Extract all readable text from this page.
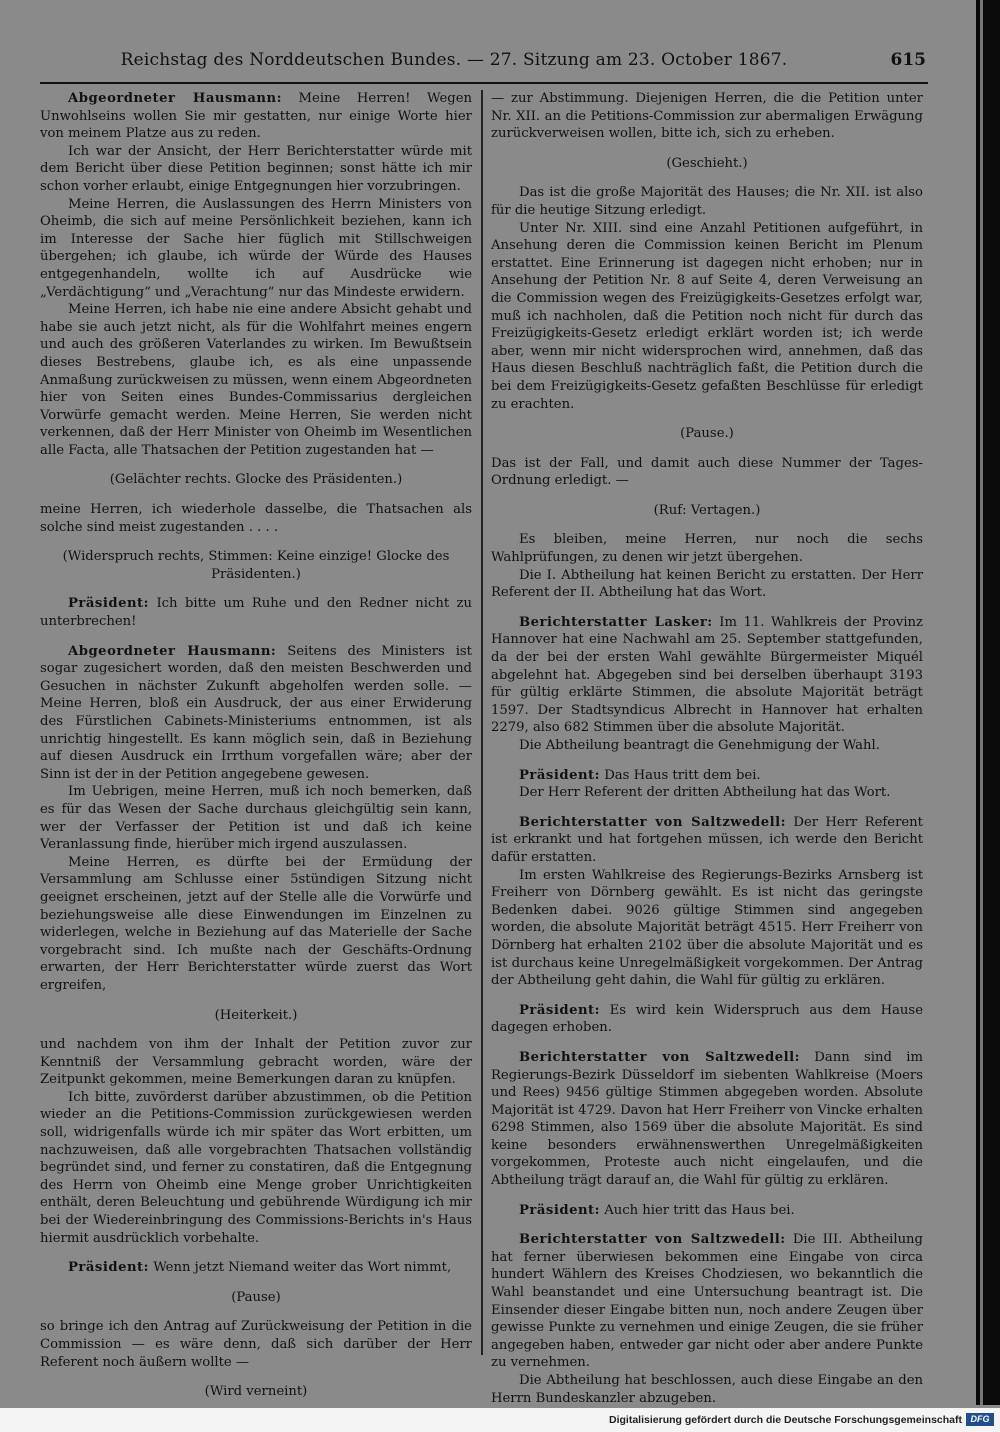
Reichstag des Norddeutschen Bundes. — 27. Sitzung am 23. October 1867.	615

Abgeordneter Hausmann: Meine Herren! Wegen Unwohlseins wollen Sie mir gestatten, nur einige Worte hier von meinem Platze aus zu reden.

Ich war der Ansicht, der Herr Berichterstatter würde mit dem Bericht über diese Petition beginnen; sonst hätte ich mir schon vorher erlaubt, einige Entgegnungen hier vorzubringen.

Meine Herren, die Auslassungen des Herrn Ministers von Oheimb, die sich auf meine Persönlichkeit beziehen, kann ich im Interesse der Sache hier füglich mit Stillschweigen übergehen; ich glaube, ich würde der Würde des Hauses entgegenhandeln, wollte ich auf Ausdrücke wie „Verdächtigung“ und „Verachtung“ nur das Mindeste erwidern.

Meine Herren, ich habe nie eine andere Absicht gehabt und habe sie auch jetzt nicht, als für die Wohlfahrt meines engern und auch des größeren Vaterlandes zu wirken. Im Bewußtsein dieses Bestrebens, glaube ich, es als eine unpassende Anmaßung zurückweisen zu müssen, wenn einem Abgeordneten hier von Seiten eines Bundes-Commissarius dergleichen Vorwürfe gemacht werden. Meine Herren, Sie werden nicht verkennen, daß der Herr Minister von Oheimb im Wesentlichen alle Facta, alle Thatsachen der Petition zugestanden hat —

(Gelächter rechts. Glocke des Präsidenten.)

meine Herren, ich wiederhole dasselbe, die Thatsachen als solche sind meist zugestanden . . . .

(Widerspruch rechts, Stimmen: Keine einzige! Glocke des Präsidenten.)

Präsident: Ich bitte um Ruhe und den Redner nicht zu unterbrechen!

Abgeordneter Hausmann: Seitens des Ministers ist sogar zugesichert worden, daß den meisten Beschwerden und Gesuchen in nächster Zukunft abgeholfen werden solle. — Meine Herren, bloß ein Ausdruck, der aus einer Erwiderung des Fürstlichen Cabinets-Ministeriums entnommen, ist als unrichtig hingestellt. Es kann möglich sein, daß in Beziehung auf diesen Ausdruck ein Irrthum vorgefallen wäre; aber der Sinn ist der in der Petition angegebene gewesen.

Im Uebrigen, meine Herren, muß ich noch bemerken, daß es für das Wesen der Sache durchaus gleichgültig sein kann, wer der Verfasser der Petition ist und daß ich keine Veranlassung finde, hierüber mich irgend auszulassen.

Meine Herren, es dürfte bei der Ermüdung der Versammlung am Schlusse einer 5stündigen Sitzung nicht geeignet erscheinen, jetzt auf der Stelle alle die Vorwürfe und beziehungsweise alle diese Einwendungen im Einzelnen zu widerlegen, welche in Beziehung auf das Materielle der Sache vorgebracht sind. Ich mußte nach der Geschäfts-Ordnung erwarten, der Herr Berichterstatter würde zuerst das Wort ergreifen,

(Heiterkeit.)

und nachdem von ihm der Inhalt der Petition zuvor zur Kenntniß der Versammlung gebracht worden, wäre der Zeitpunkt gekommen, meine Bemerkungen daran zu knüpfen.

Ich bitte, zuvörderst darüber abzustimmen, ob die Petition wieder an die Petitions-Commission zurückgewiesen werden soll, widrigenfalls würde ich mir später das Wort erbitten, um nachzuweisen, daß alle vorgebrachten Thatsachen vollständig begründet sind, und ferner zu constatiren, daß die Entgegnung des Herrn von Oheimb eine Menge grober Unrichtigkeiten enthält, deren Beleuchtung und gebührende Würdigung ich mir bei der Wiedereinbringung des Commissions-Berichts in's Haus hiermit ausdrücklich vorbehalte.

Präsident: Wenn jetzt Niemand weiter das Wort nimmt,

(Pause)

so bringe ich den Antrag auf Zurückweisung der Petition in die Commission — es wäre denn, daß sich darüber der Herr Referent noch äußern wollte —

(Wird verneint)

— zur Abstimmung. Diejenigen Herren, die die Petition unter Nr. XII. an die Petitions-Commission zur abermaligen Erwägung zurückverweisen wollen, bitte ich, sich zu erheben.

(Geschieht.)

Das ist die große Majorität des Hauses; die Nr. XII. ist also für die heutige Sitzung erledigt.

Unter Nr. XIII. sind eine Anzahl Petitionen aufgeführt, in Ansehung deren die Commission keinen Bericht im Plenum erstattet. Eine Erinnerung ist dagegen nicht erhoben; nur in Ansehung der Petition Nr. 8 auf Seite 4, deren Verweisung an die Commission wegen des Freizügigkeits-Gesetzes erfolgt war, muß ich nachholen, daß die Petition noch nicht für durch das Freizügigkeits-Gesetz erledigt erklärt worden ist; ich werde aber, wenn mir nicht widersprochen wird, annehmen, daß das Haus diesen Beschluß nachträglich faßt, die Petition durch die bei dem Freizügigkeits-Gesetz gefaßten Beschlüsse für erledigt zu erachten.

(Pause.)

Das ist der Fall, und damit auch diese Nummer der Tages-Ordnung erledigt. —

(Ruf: Vertagen.)

Es bleiben, meine Herren, nur noch die sechs Wahlprüfungen, zu denen wir jetzt übergehen.

Die I. Abtheilung hat keinen Bericht zu erstatten. Der Herr Referent der II. Abtheilung hat das Wort.

Berichterstatter Lasker: Im 11. Wahlkreis der Provinz Hannover hat eine Nachwahl am 25. September stattgefunden, da der bei der ersten Wahl gewählte Bürgermeister Miquél abgelehnt hat. Abgegeben sind bei derselben überhaupt 3193 für gültig erklärte Stimmen, die absolute Majorität beträgt 1597. Der Stadtsyndicus Albrecht in Hannover hat erhalten 2279, also 682 Stimmen über die absolute Majorität.

Die Abtheilung beantragt die Genehmigung der Wahl.

Präsident: Das Haus tritt dem bei.

Der Herr Referent der dritten Abtheilung hat das Wort.

Berichterstatter von Saltzwedell: Der Herr Referent ist erkrankt und hat fortgehen müssen, ich werde den Bericht dafür erstatten.

Im ersten Wahlkreise des Regierungs-Bezirks Arnsberg ist Freiherr von Dörnberg gewählt. Es ist nicht das geringste Bedenken dabei. 9026 gültige Stimmen sind angegeben worden, die absolute Majorität beträgt 4515. Herr Freiherr von Dörnberg hat erhalten 2102 über die absolute Majorität und es ist durchaus keine Unregelmäßigkeit vorgekommen. Der Antrag der Abtheilung geht dahin, die Wahl für gültig zu erklären.

Präsident: Es wird kein Widerspruch aus dem Hause dagegen erhoben.

Berichterstatter von Saltzwedell: Dann sind im Regierungs-Bezirk Düsseldorf im siebenten Wahlkreise (Moers und Rees) 9456 gültige Stimmen abgegeben worden. Absolute Majorität ist 4729. Davon hat Herr Freiherr von Vincke erhalten 6298 Stimmen, also 1569 über die absolute Majorität. Es sind keine besonders erwähnenswerthen Unregelmäßigkeiten vorgekommen, Proteste auch nicht eingelaufen, und die Abtheilung trägt darauf an, die Wahl für gültig zu erklären.

Präsident: Auch hier tritt das Haus bei.

Berichterstatter von Saltzwedell: Die III. Abtheilung hat ferner überwiesen bekommen eine Eingabe von circa hundert Wählern des Kreises Chodziesen, wo bekanntlich die Wahl beanstandet und eine Untersuchung beantragt ist. Die Einsender dieser Eingabe bitten nun, noch andere Zeugen über gewisse Punkte zu vernehmen und einige Zeugen, die sie früher angegeben haben, entweder gar nicht oder aber andere Punkte zu vernehmen.

Die Abtheilung hat beschlossen, auch diese Eingabe an den Herrn Bundeskanzler abzugeben.

Digitalisierung gefördert durch die Deutsche Forschungsgemeinschaft DFG
